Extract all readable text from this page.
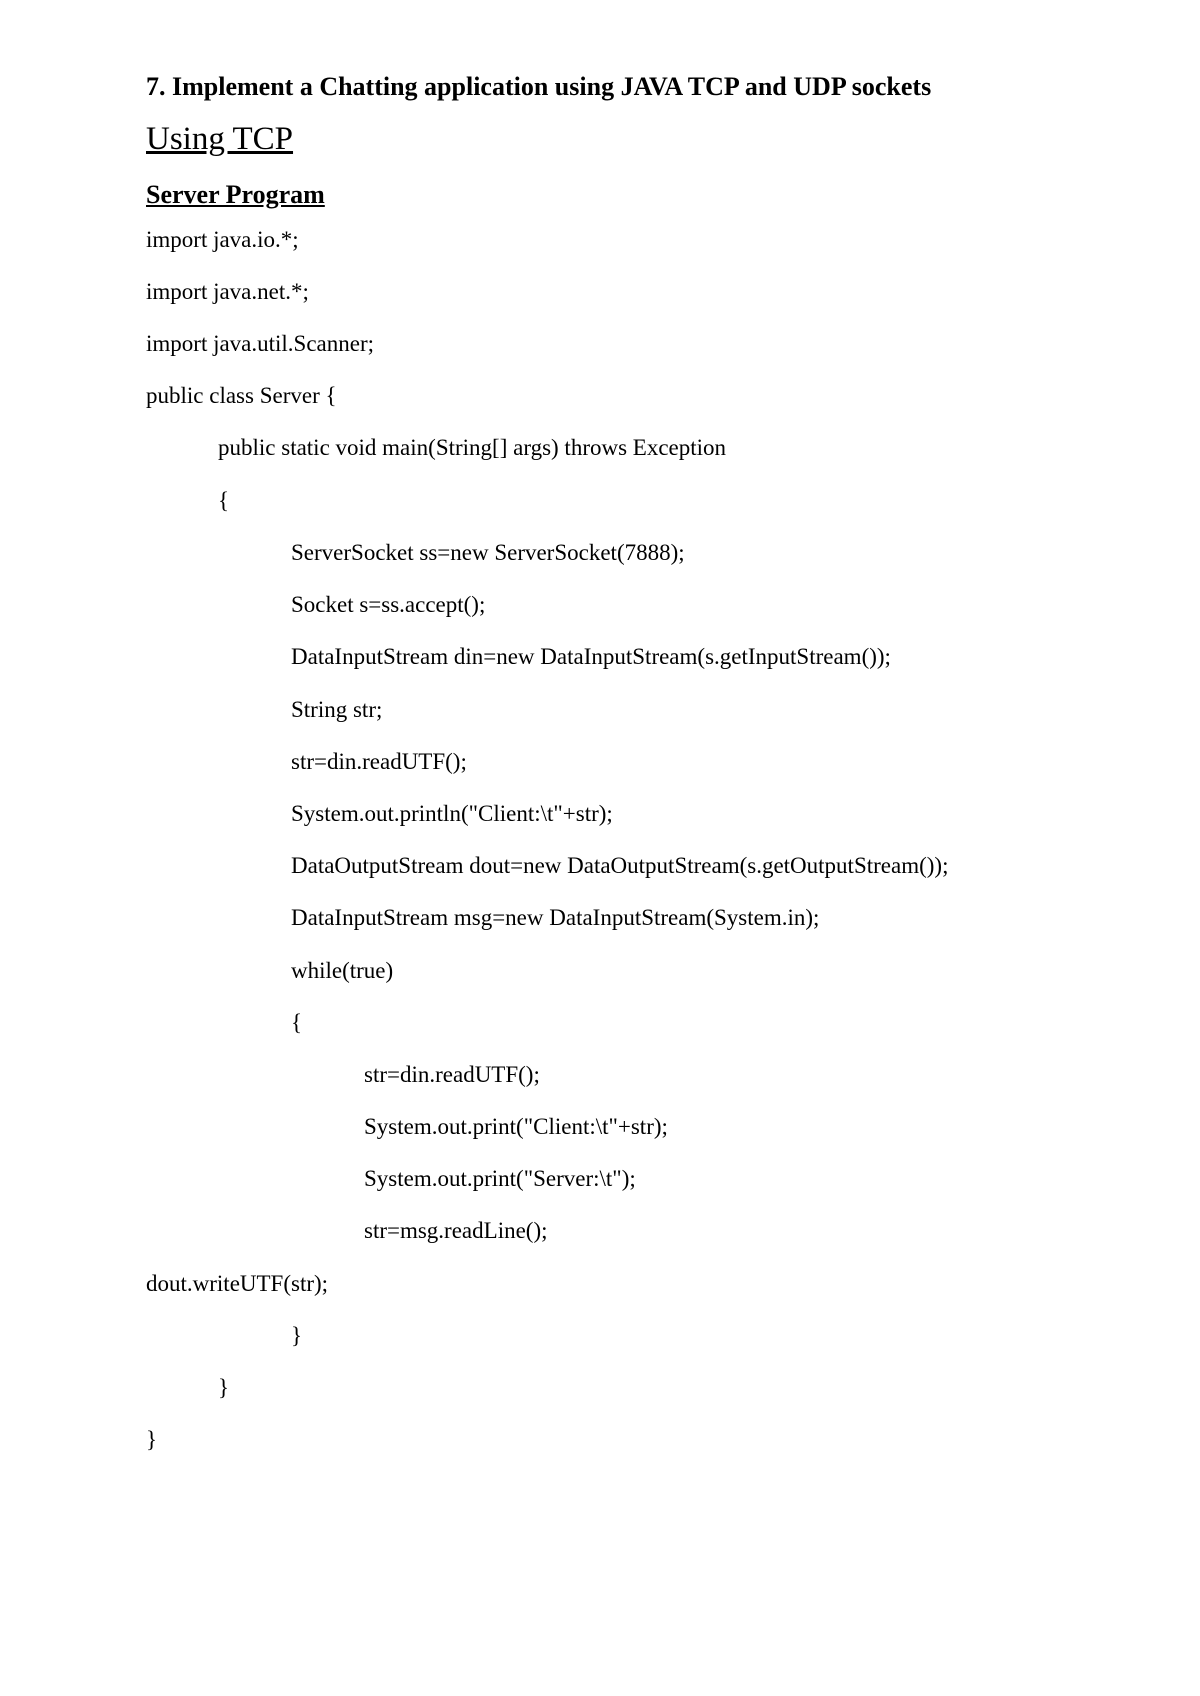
7. Implement a Chatting application using JAVA TCP and UDP sockets
Using TCP
Server Program
import java.io.*;
import java.net.*;
import java.util.Scanner;
public class Server {
public static void main(String[] args) throws Exception
{
ServerSocket ss=new ServerSocket(7888);
Socket s=ss.accept();
DataInputStream din=new DataInputStream(s.getInputStream());
String str;
str=din.readUTF();
System.out.println("Client:\t"+str);
DataOutputStream dout=new DataOutputStream(s.getOutputStream());
DataInputStream msg=new DataInputStream(System.in);
while(true)
{
str=din.readUTF();
System.out.print("Client:\t"+str);
System.out.print("Server:\t");
str=msg.readLine();
dout.writeUTF(str);
}
}
}
